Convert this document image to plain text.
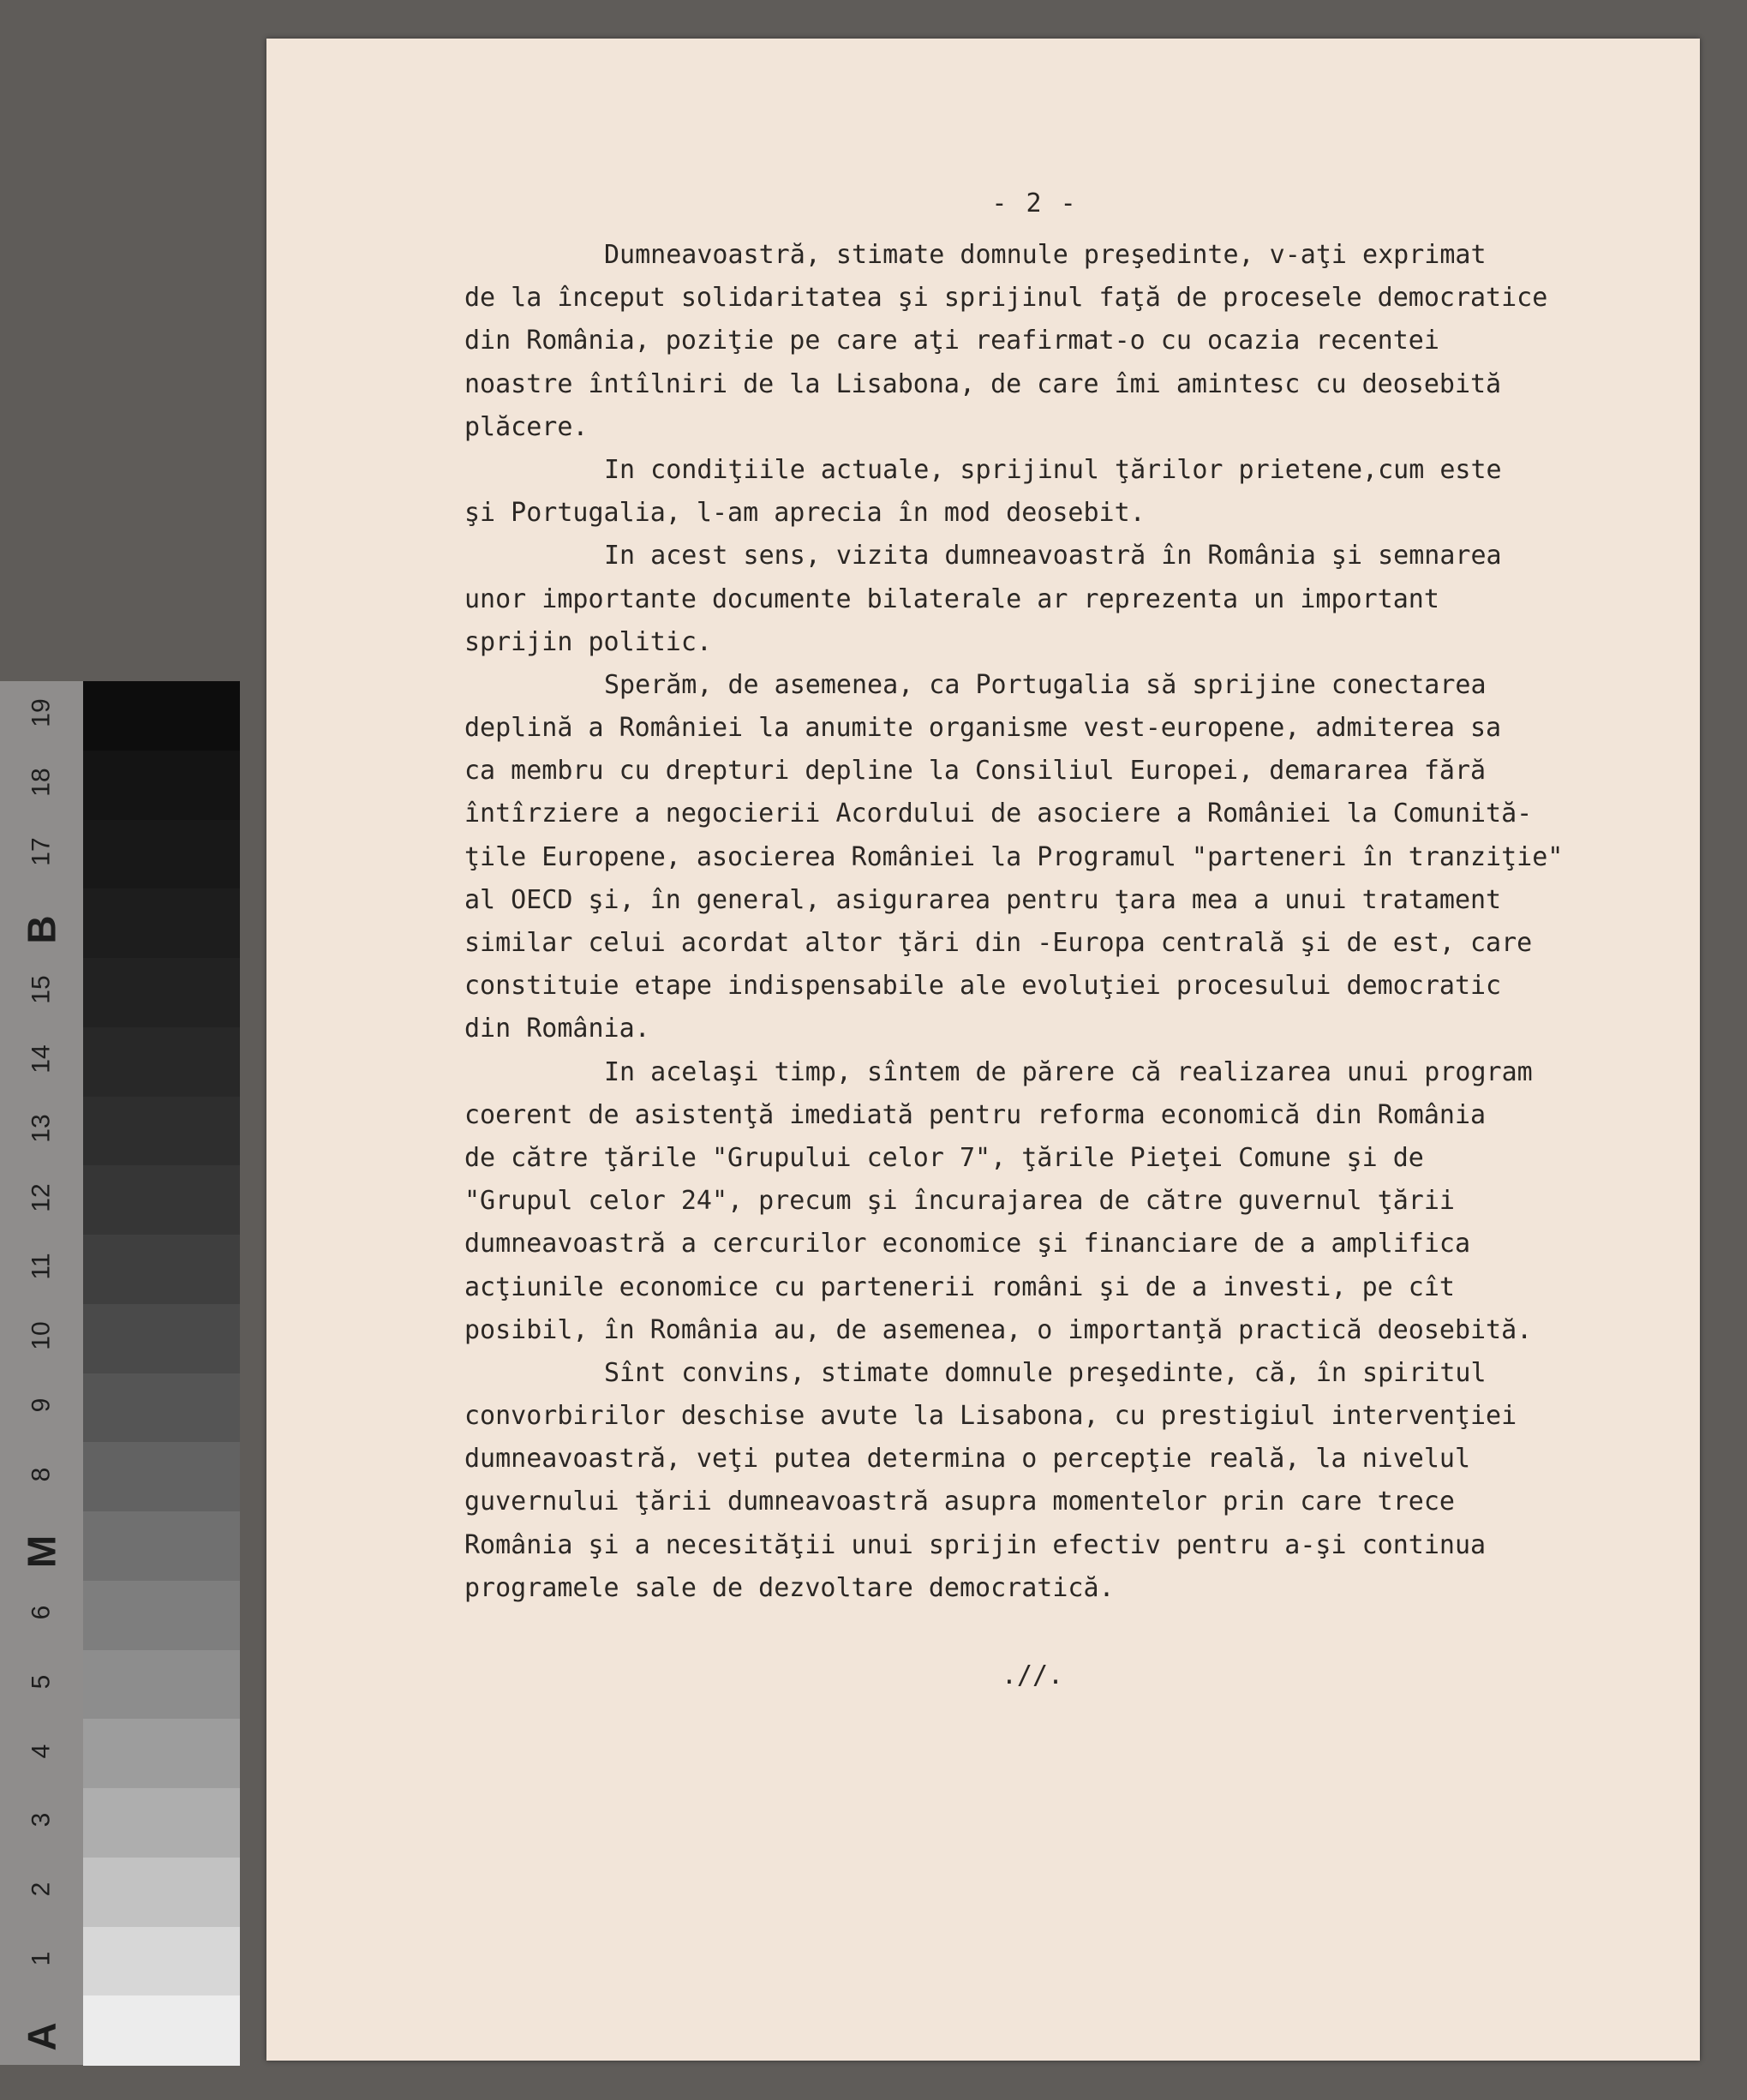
19
18
17
B
15
14
13
12
11
10
9
8
M
6
5
4
3
2
1
A
- 2 -
Dumneavoastră, stimate domnule preşedinte, v-aţi exprimat
de la început solidaritatea şi sprijinul faţă de procesele democratice
din România, poziţie pe care aţi reafirmat-o cu ocazia recentei
noastre întîlniri de la Lisabona, de care îmi amintesc cu deosebită
plăcere.
In condiţiile actuale, sprijinul ţărilor prietene,cum este
şi Portugalia, l-am aprecia în mod deosebit.
In acest sens, vizita dumneavoastră în România şi semnarea
unor importante documente bilaterale ar reprezenta un important
sprijin politic.
Sperăm, de asemenea, ca Portugalia să sprijine conectarea
deplină a României la anumite organisme vest-europene, admiterea sa
ca membru cu drepturi depline la Consiliul Europei, demararea fără
întîrziere a negocierii Acordului de asociere a României la Comunită-
ţile Europene, asocierea României la Programul "parteneri în tranziţie"
al OECD şi, în general, asigurarea pentru ţara mea a unui tratament
similar celui acordat altor ţări din -Europa centrală şi de est, care
constituie etape indispensabile ale evoluţiei procesului democratic
din România.
In acelaşi timp, sîntem de părere că realizarea unui program
coerent de asistenţă imediată pentru reforma economică din România
de către ţările "Grupului celor 7", ţările Pieţei Comune şi de
"Grupul celor 24", precum şi încurajarea de către guvernul ţării
dumneavoastră a cercurilor economice şi financiare de a amplifica
acţiunile economice cu partenerii români şi de a investi, pe cît
posibil, în România au, de asemenea, o importanţă practică deosebită.
Sînt convins, stimate domnule preşedinte, că, în spiritul
convorbirilor deschise avute la Lisabona, cu prestigiul intervenţiei
dumneavoastră, veţi putea determina o percepţie reală, la nivelul
guvernului ţării dumneavoastră asupra momentelor prin care trece
România şi a necesităţii unui sprijin efectiv pentru a-şi continua
programele sale de dezvoltare democratică.
.//.
